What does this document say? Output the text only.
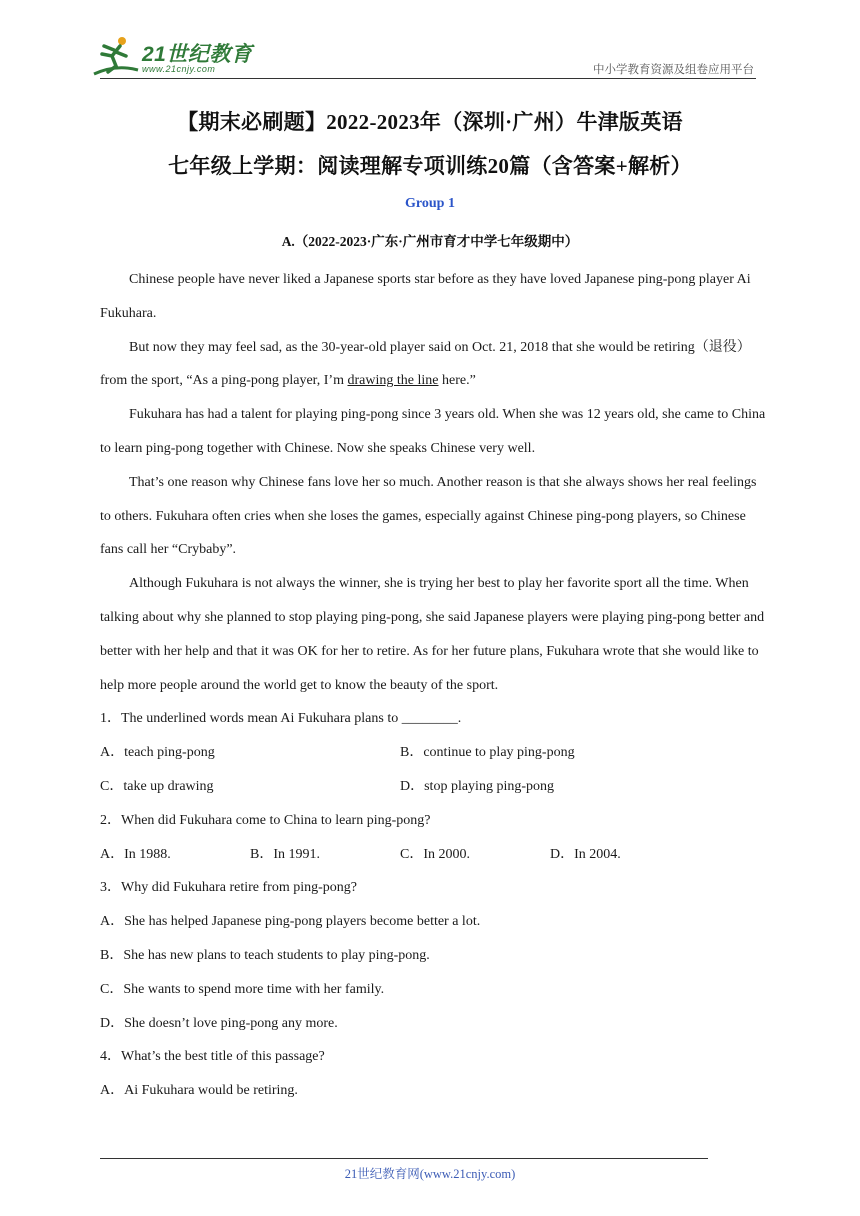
21世纪教育
www.21cnjy.com	中小学教育资源及组卷应用平台
【期末必刷题】2022-2023年（深圳·广州）牛津版英语
七年级上学期：阅读理解专项训练20篇（含答案+解析）
Group 1
A.（2022-2023·广东·广州市育才中学七年级期中）

Chinese people have never liked a Japanese sports star before as they have loved Japanese ping-pong player Ai Fukuhara.

But now they may feel sad, as the 30-year-old player said on Oct. 21, 2018 that she would be retiring（退役）from the sport, “As a ping-pong player, I’m drawing the line here.”

Fukuhara has had a talent for playing ping-pong since 3 years old. When she was 12 years old, she came to China to learn ping-pong together with Chinese. Now she speaks Chinese very well.

That’s one reason why Chinese fans love her so much. Another reason is that she always shows her real feelings to others. Fukuhara often cries when she loses the games, especially against Chinese ping-pong players, so Chinese fans call her “Crybaby”.

Although Fukuhara is not always the winner, she is trying her best to play her favorite sport all the time. When talking about why she planned to stop playing ping-pong, she said Japanese players were playing ping-pong better and better with her help and that it was OK for her to retire. As for her future plans, Fukuhara wrote that she would like to help more people around the world get to know the beauty of the sport.

1．The underlined words mean Ai Fukuhara plans to ________.
A．teach ping-pong	B．continue to play ping-pong
C．take up drawing	D．stop playing ping-pong
2．When did Fukuhara come to China to learn ping-pong?
A．In 1988.	B．In 1991.	C．In 2000.	D．In 2004.
3．Why did Fukuhara retire from ping-pong?
A．She has helped Japanese ping-pong players become better a lot.
B．She has new plans to teach students to play ping-pong.
C．She wants to spend more time with her family.
D．She doesn’t love ping-pong any more.
4．What’s the best title of this passage?
A．Ai Fukuhara would be retiring.
21世纪教育网(www.21cnjy.com)
